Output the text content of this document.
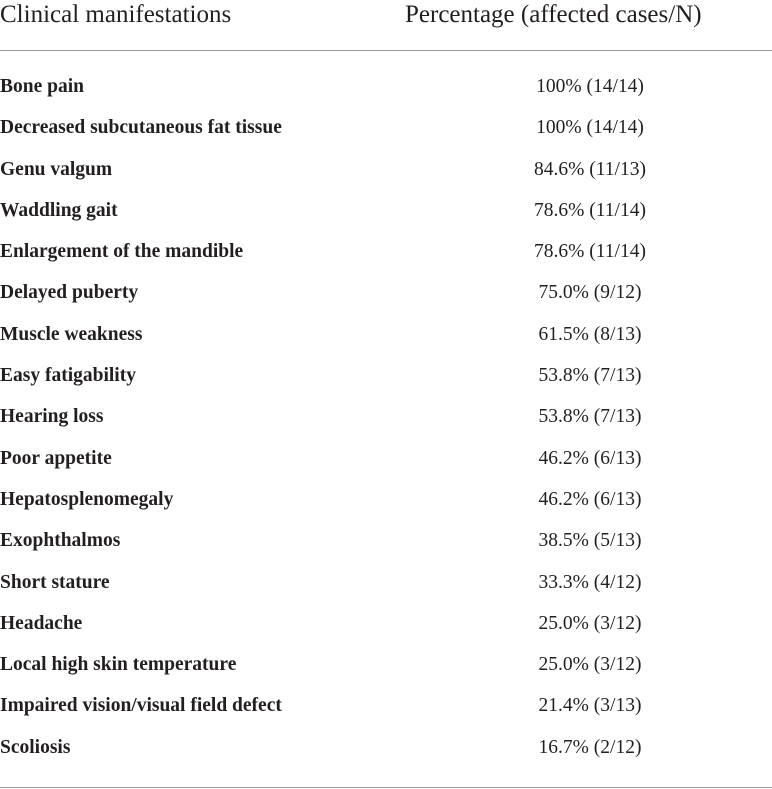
Clinical manifestations	Percentage (affected cases/N)
Bone pain	100% (14/14)
Decreased subcutaneous fat tissue	100% (14/14)
Genu valgum	84.6% (11/13)
Waddling gait	78.6% (11/14)
Enlargement of the mandible	78.6% (11/14)
Delayed puberty	75.0% (9/12)
Muscle weakness	61.5% (8/13)
Easy fatigability	53.8% (7/13)
Hearing loss	53.8% (7/13)
Poor appetite	46.2% (6/13)
Hepatosplenomegaly	46.2% (6/13)
Exophthalmos	38.5% (5/13)
Short stature	33.3% (4/12)
Headache	25.0% (3/12)
Local high skin temperature	25.0% (3/12)
Impaired vision/visual field defect	21.4% (3/13)
Scoliosis	16.7% (2/12)
